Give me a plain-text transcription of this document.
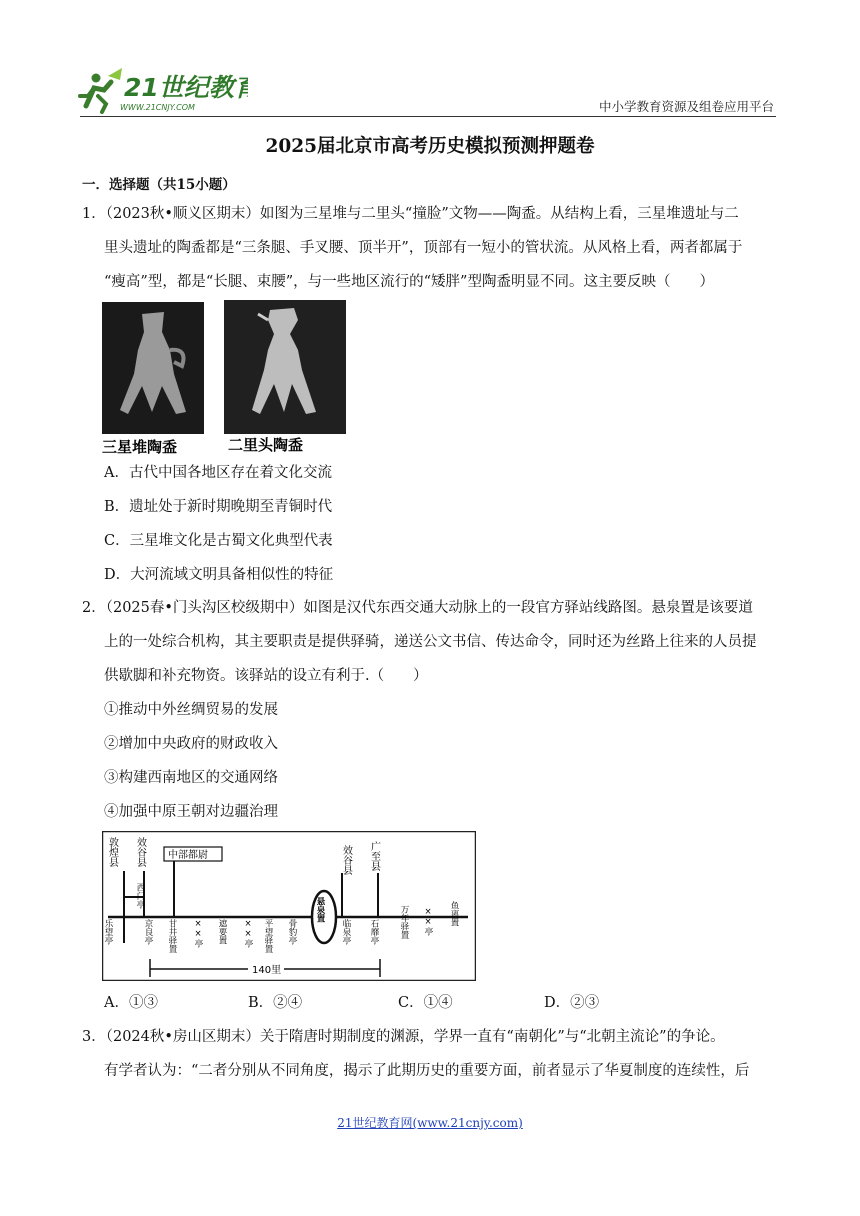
21世纪教育
WWW.21CNJY.COM	中小学教育资源及组卷应用平台
2025届北京市高考历史模拟预测押题卷
一．选择题（共15小题）
1．（2023秋•顺义区期末）如图为三星堆与二里头“撞脸”文物——陶盉。从结构上看，三星堆遗址与二
里头遗址的陶盉都是“三条腿、手叉腰、顶半开”，顶部有一短小的管状流。从风格上看，两者都属于
“瘦高”型，都是“长腿、束腰”，与一些地区流行的“矮胖”型陶盉明显不同。这主要反映（　　）
三星堆陶盉	二里头陶盉
A．古代中国各地区存在着文化交流
B．遗址处于新时期晚期至青铜时代
C．三星堆文化是古蜀文化典型代表
D．大河流域文明具备相似性的特征
2．（2025春•门头沟区校级期中）如图是汉代东西交通大动脉上的一段官方驿站线路图。悬泉置是该要道
上的一处综合机构，其主要职责是提供驿骑，递送公文书信、传达命令，同时还为丝路上往来的人员提
供歇脚和补充物资。该驿站的设立有利于.（　　）
①推动中外丝绸贸易的发展
②增加中央政府的财政收入
③构建西南地区的交通网络
④加强中原王朝对边疆治理
敦煌县 效谷县	效谷县 广至县
中部都尉
西门亭
乐望亭	京良亭 甘井驿置 ××亭 遮要置 ××亭 平望驿置 骨豹亭
悬泉置
临泉亭 石靡亭 万年驿置 ××亭 鱼离置
140里
A．①③	B．②④	C．①④	D．②③
3．（2024秋•房山区期末）关于隋唐时期制度的渊源，学界一直有“南朝化”与“北朝主流论”的争论。
有学者认为：“二者分别从不同角度，揭示了此期历史的重要方面，前者显示了华夏制度的连续性，后
21世纪教育网(www.21cnjy.com)
